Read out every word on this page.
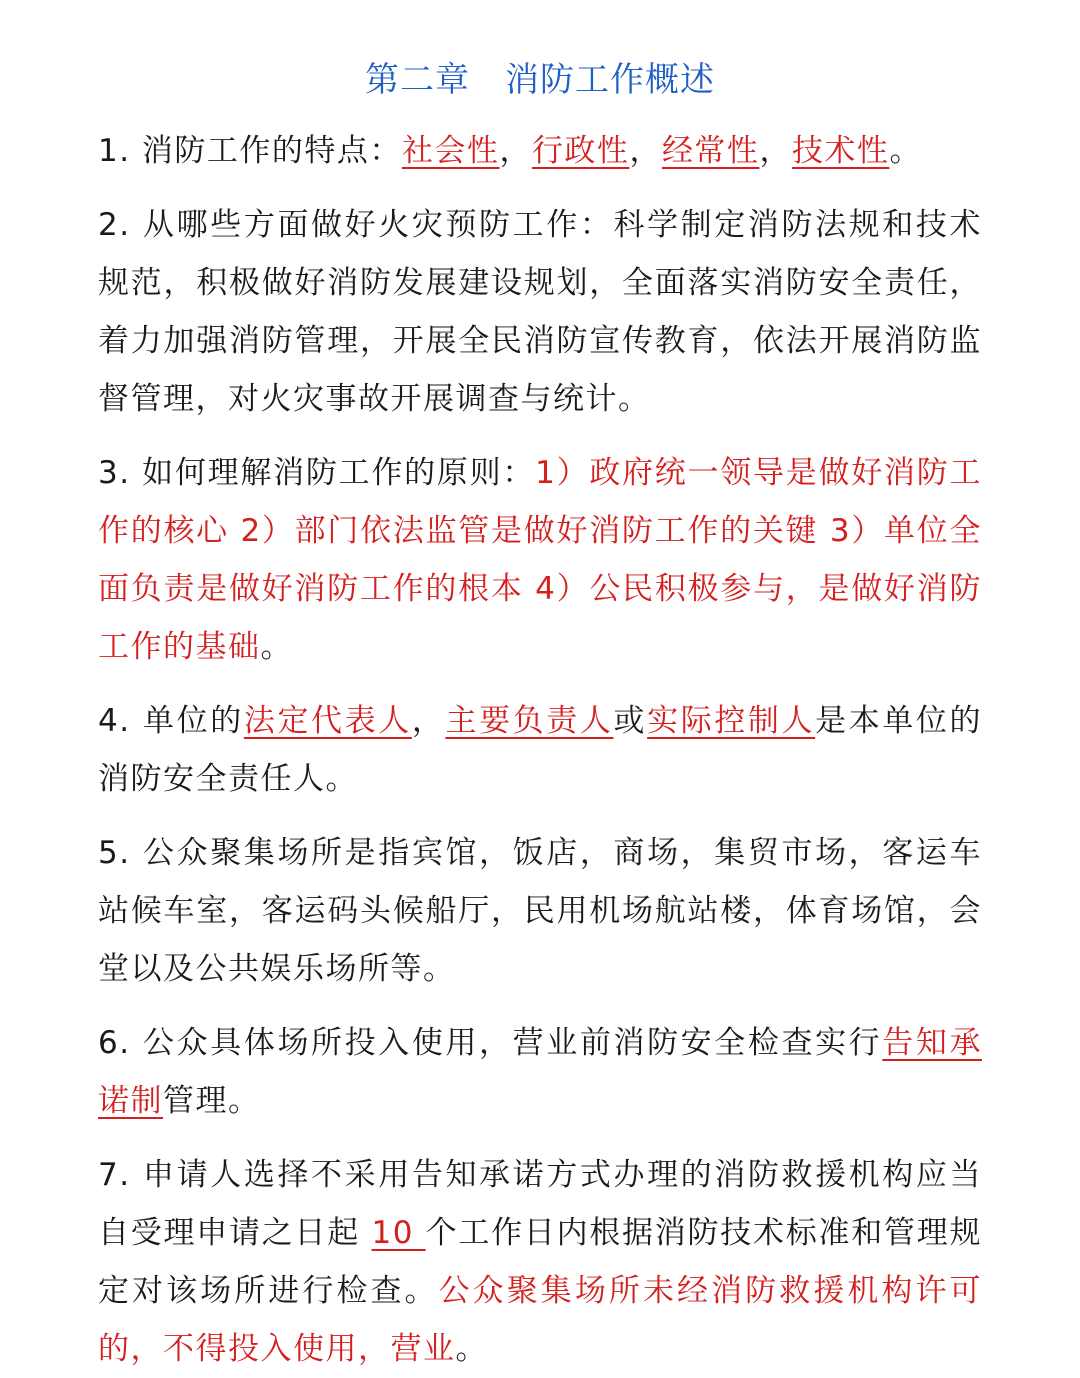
第二章　消防工作概述
1. 消防工作的特点：社会性，行政性，经常性，技术性。
2. 从哪些方面做好火灾预防工作：科学制定消防法规和技术规范，积极做好消防发展建设规划，全面落实消防安全责任，着力加强消防管理，开展全民消防宣传教育，依法开展消防监督管理，对火灾事故开展调查与统计。
3. 如何理解消防工作的原则：1）政府统一领导是做好消防工作的核心 2）部门依法监管是做好消防工作的关键 3）单位全面负责是做好消防工作的根本 4）公民积极参与，是做好消防工作的基础。
4. 单位的法定代表人，主要负责人或实际控制人是本单位的消防安全责任人。
5. 公众聚集场所是指宾馆，饭店，商场，集贸市场，客运车站候车室，客运码头候船厅，民用机场航站楼，体育场馆，会堂以及公共娱乐场所等。
6. 公众具体场所投入使用，营业前消防安全检查实行告知承诺制管理。
7. 申请人选择不采用告知承诺方式办理的消防救援机构应当自受理申请之日起 10 个工作日内根据消防技术标准和管理规定对该场所进行检查。公众聚集场所未经消防救援机构许可的，不得投入使用，营业。
